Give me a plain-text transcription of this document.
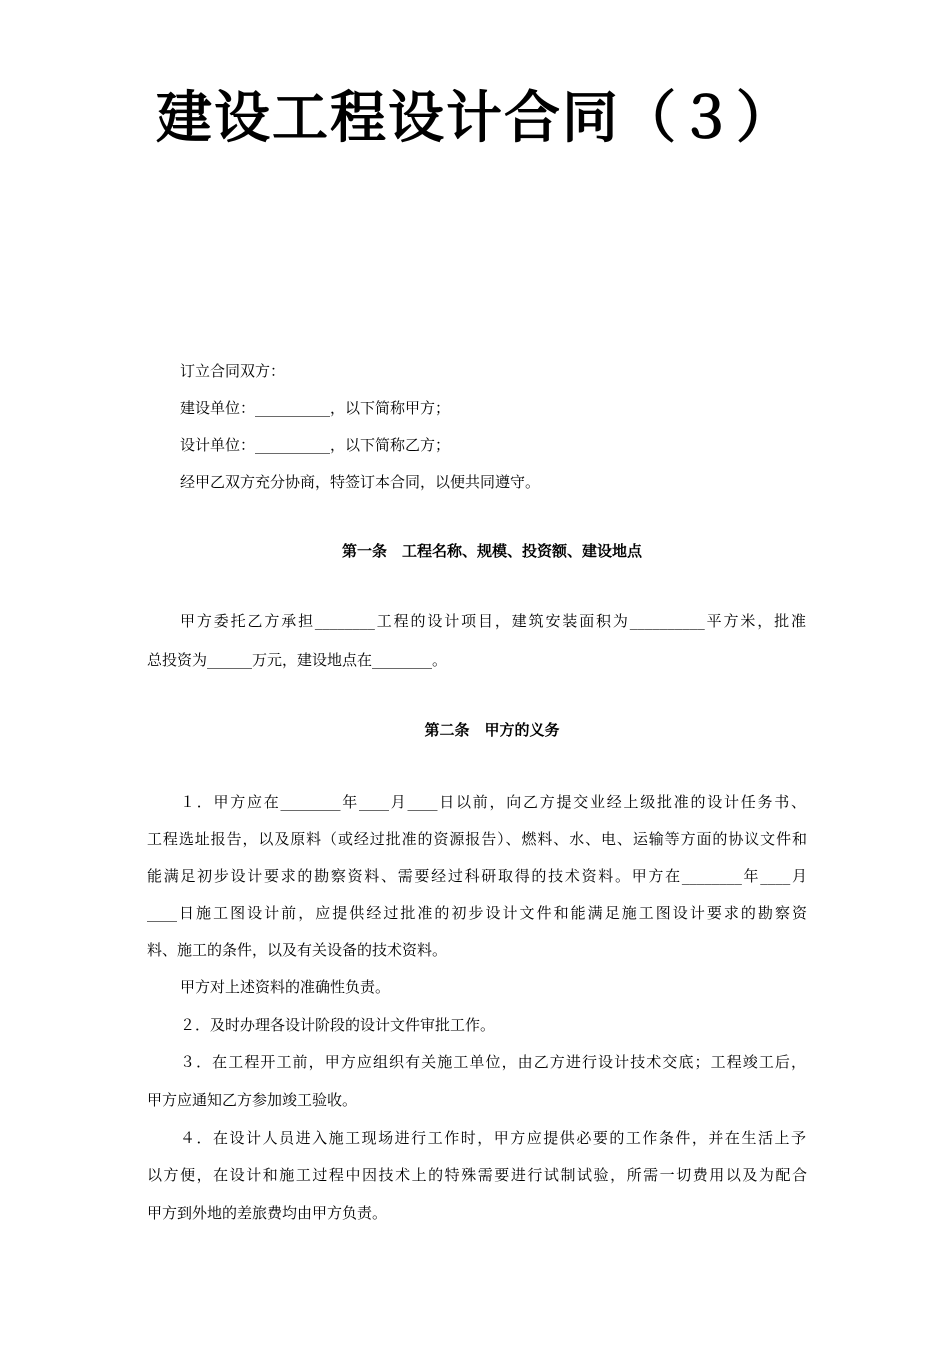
建设工程设计合同（３）
订立合同双方：
建设单位：__________，以下简称甲方；
设计单位：__________，以下简称乙方；
经甲乙双方充分协商，特签订本合同，以便共同遵守。
第一条　工程名称、规模、投资额、建设地点
甲方委托乙方承担________工程的设计项目，建筑安装面积为__________平方米，批准
总投资为______万元，建设地点在________。
第二条　甲方的义务
１．甲方应在________年____月____日以前，向乙方提交业经上级批准的设计任务书、
工程选址报告，以及原料（或经过批准的资源报告）、燃料、水、电、运输等方面的协议文件和
能满足初步设计要求的勘察资料、需要经过科研取得的技术资料。甲方在________年____月
____日施工图设计前，应提供经过批准的初步设计文件和能满足施工图设计要求的勘察资
料、施工的条件，以及有关设备的技术资料。
甲方对上述资料的准确性负责。
２．及时办理各设计阶段的设计文件审批工作。
３．在工程开工前，甲方应组织有关施工单位，由乙方进行设计技术交底；工程竣工后，
甲方应通知乙方参加竣工验收。
４．在设计人员进入施工现场进行工作时，甲方应提供必要的工作条件，并在生活上予
以方便，在设计和施工过程中因技术上的特殊需要进行试制试验，所需一切费用以及为配合
甲方到外地的差旅费均由甲方负责。
